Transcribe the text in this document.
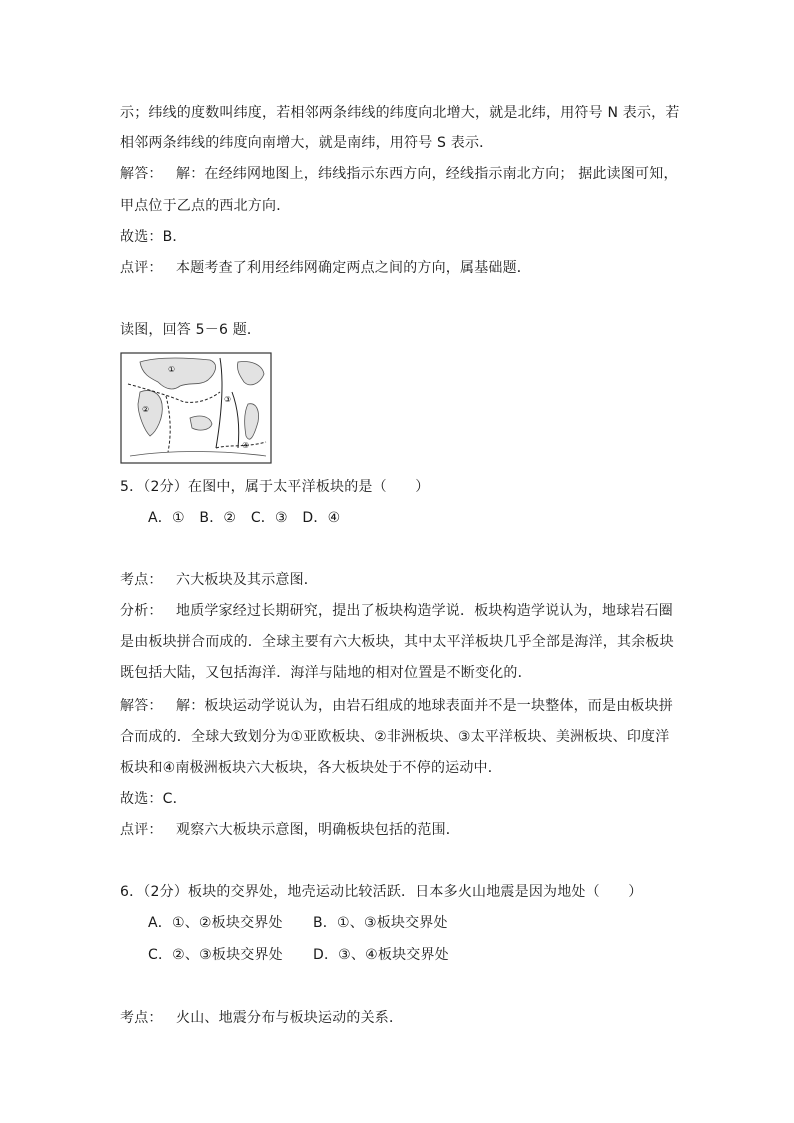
示；纬线的度数叫纬度，若相邻两条纬线的纬度向北增大，就是北纬，用符号 N 表示，若
相邻两条纬线的纬度向南增大，就是南纬，用符号 S 表示．
解答： 解：在经纬网地图上，纬线指示东西方向，经线指示南北方向； 据此读图可知，
甲点位于乙点的西北方向．
故选：B．
点评： 本题考查了利用经纬网确定两点之间的方向，属基础题．
读图，回答 5－6 题．
①
②
③
④
5．（2分）在图中，属于太平洋板块的是（　　）
A．① B．② C．③ D．④
考点： 六大板块及其示意图．
分析： 地质学家经过长期研究，提出了板块构造学说．板块构造学说认为，地球岩石圈
是由板块拼合而成的．全球主要有六大板块，其中太平洋板块几乎全部是海洋，其余板块
既包括大陆，又包括海洋．海洋与陆地的相对位置是不断变化的．
解答： 解：板块运动学说认为，由岩石组成的地球表面并不是一块整体，而是由板块拼
合而成的．全球大致划分为①亚欧板块、②非洲板块、③太平洋板块、美洲板块、印度洋
板块和④南极洲板块六大板块，各大板块处于不停的运动中．
故选：C．
点评： 观察六大板块示意图，明确板块包括的范围．
6．（2分）板块的交界处，地壳运动比较活跃．日本多火山地震是因为地处（　　）
A．①、②板块交界处 B．①、③板块交界处
C．②、③板块交界处 D．③、④板块交界处
考点： 火山、地震分布与板块运动的关系．
